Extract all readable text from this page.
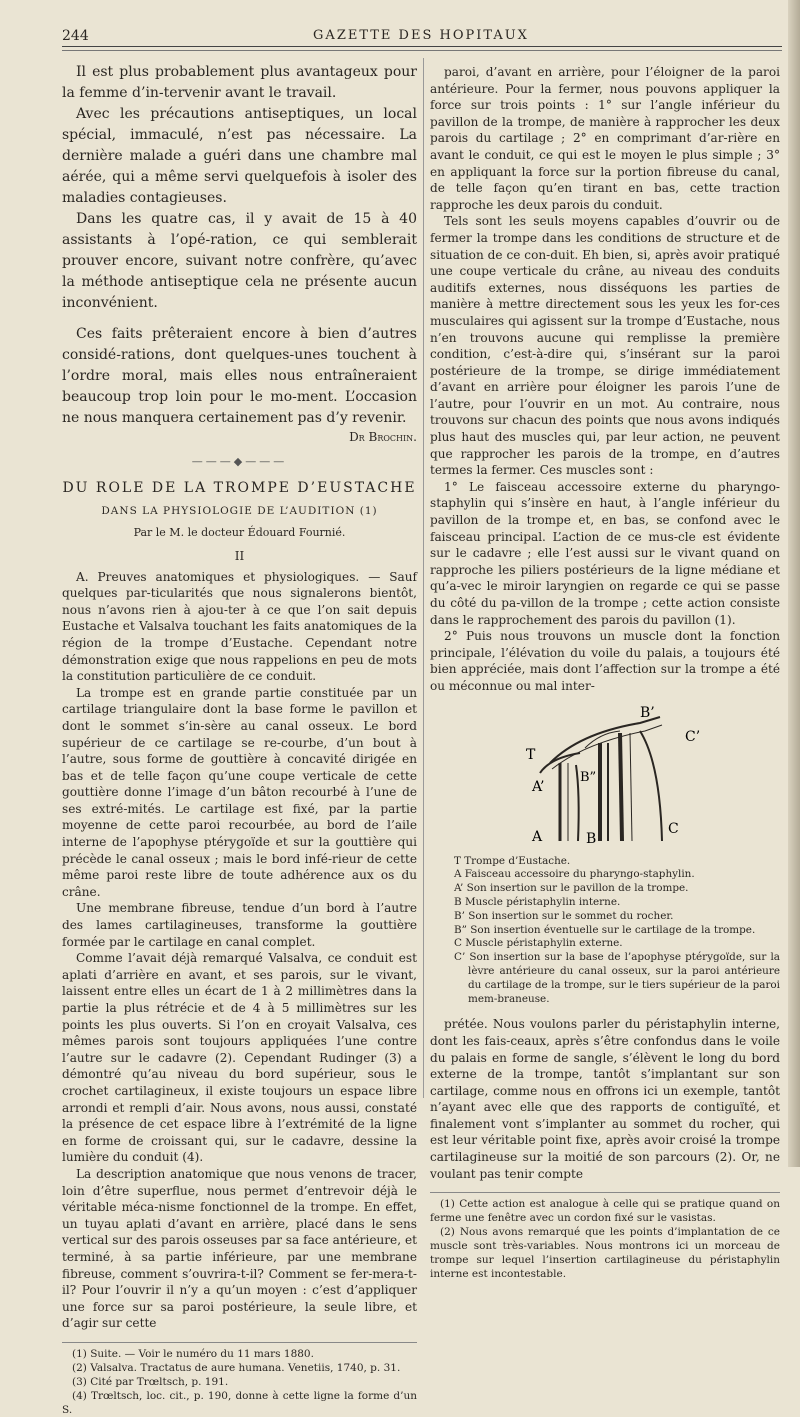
244	GAZETTE DES HOPITAUX

Il est plus probablement plus avantageux pour la femme d’in-tervenir avant le travail.

Avec les précautions antiseptiques, un local spécial, immaculé, n’est pas nécessaire. La dernière malade a guéri dans une chambre mal aérée, qui a même servi quelquefois à isoler des maladies contagieuses.

Dans les quatre cas, il y avait de 15 à 40 assistants à l’opé-ration, ce qui semblerait prouver encore, suivant notre confrère, qu’avec la méthode antiseptique cela ne présente aucun inconvénient.

Ces faits prêteraient encore à bien d’autres considé-rations, dont quelques-unes touchent à l’ordre moral, mais elles nous entraîneraient beaucoup trop loin pour le mo-ment. L’occasion ne nous manquera certainement pas d’y revenir.

Dr Brochin.
———◆———
DU ROLE DE LA TROMPE D’EUSTACHE
DANS LA PHYSIOLOGIE DE L’AUDITION (1)
Par le M. le docteur Édouard Fournié.
II

A. Preuves anatomiques et physiologiques. — Sauf quelques par-ticularités que nous signalerons bientôt, nous n’avons rien à ajou-ter à ce que l’on sait depuis Eustache et Valsalva touchant les faits anatomiques de la région de la trompe d’Eustache. Cependant notre démonstration exige que nous rappelions en peu de mots la constitution particulière de ce conduit.

La trompe est en grande partie constituée par un cartilage triangulaire dont la base forme le pavillon et dont le sommet s’in-sère au canal osseux. Le bord supérieur de ce cartilage se re-courbe, d’un bout à l’autre, sous forme de gouttière à concavité dirigée en bas et de telle façon qu’une coupe verticale de cette gouttière donne l’image d’un bâton recourbé à l’une de ses extré-mités. Le cartilage est fixé, par la partie moyenne de cette paroi recourbée, au bord de l’aile interne de l’apophyse ptérygoïde et sur la gouttière qui précède le canal osseux ; mais le bord infé-rieur de cette même paroi reste libre de toute adhérence aux os du crâne.

Une membrane fibreuse, tendue d’un bord à l’autre des lames cartilagineuses, transforme la gouttière formée par le cartilage en canal complet.

Comme l’avait déjà remarqué Valsalva, ce conduit est aplati d’arrière en avant, et ses parois, sur le vivant, laissent entre elles un écart de 1 à 2 millimètres dans la partie la plus rétrécie et de 4 à 5 millimètres sur les points les plus ouverts. Si l’on en croyait Valsalva, ces mêmes parois sont toujours appliquées l’une contre l’autre sur le cadavre (2). Cependant Rudinger (3) a démontré qu’au niveau du bord supérieur, sous le crochet cartilagineux, il existe toujours un espace libre arrondi et rempli d’air. Nous avons, nous aussi, constaté la présence de cet espace libre à l’extrémité de la ligne en forme de croissant qui, sur le cadavre, dessine la lumière du conduit (4).

La description anatomique que nous venons de tracer, loin d’être superflue, nous permet d’entrevoir déjà le véritable méca-nisme fonctionnel de la trompe. En effet, un tuyau aplati d’avant en arrière, placé dans le sens vertical sur des parois osseuses par sa face antérieure, et terminé, à sa partie inférieure, par une membrane fibreuse, comment s’ouvrira-t-il? Comment se fer-mera-t-il? Pour l’ouvrir il n’y a qu’un moyen : c’est d’appliquer une force sur sa paroi postérieure, la seule libre, et d’agir sur cette

(1) Suite. — Voir le numéro du 11 mars 1880.

(2) Valsalva. Tractatus de aure humana. Venetiis, 1740, p. 31.

(3) Cité par Trœltsch, p. 191.

(4) Trœltsch, loc. cit., p. 190, donne à cette ligne la forme d’un S.

paroi, d’avant en arrière, pour l’éloigner de la paroi antérieure. Pour la fermer, nous pouvons appliquer la force sur trois points : 1° sur l’angle inférieur du pavillon de la trompe, de manière à rapprocher les deux parois du cartilage ; 2° en comprimant d’ar-rière en avant le conduit, ce qui est le moyen le plus simple ; 3° en appliquant la force sur la portion fibreuse du canal, de telle façon qu’en tirant en bas, cette traction rapproche les deux parois du conduit.

Tels sont les seuls moyens capables d’ouvrir ou de fermer la trompe dans les conditions de structure et de situation de ce con-duit. Eh bien, si, après avoir pratiqué une coupe verticale du crâne, au niveau des conduits auditifs externes, nous disséquons les parties de manière à mettre directement sous les yeux les for-ces musculaires qui agissent sur la trompe d’Eustache, nous n’en trouvons aucune qui remplisse la première condition, c’est-à-dire qui, s’insérant sur la paroi postérieure de la trompe, se dirige immédiatement d’avant en arrière pour éloigner les parois l’une de l’autre, pour l’ouvrir en un mot. Au contraire, nous trouvons sur chacun des points que nous avons indiqués plus haut des muscles qui, par leur action, ne peuvent que rapprocher les parois de la trompe, en d’autres termes la fermer. Ces muscles sont :

1° Le faisceau accessoire externe du pharyngo-staphylin qui s’insère en haut, à l’angle inférieur du pavillon de la trompe et, en bas, se confond avec le faisceau principal. L’action de ce mus-cle est évidente sur le cadavre ; elle l’est aussi sur le vivant quand on rapproche les piliers postérieurs de la ligne médiane et qu’a-vec le miroir laryngien on regarde ce qui se passe du côté du pa-villon de la trompe ; cette action consiste dans le rapprochement des parois du pavillon (1).

2° Puis nous trouvons un muscle dont la fonction principale, l’élévation du voile du palais, a toujours été bien appréciée, mais dont l’affection sur la trompe a été ou méconnue ou mal inter-

B’
C’
T
B”
A’
A	B
C
T Trompe d’Eustache.
A Faisceau accessoire du pharyngo-staphylin.
A’ Son insertion sur le pavillon de la trompe.
B Muscle péristaphylin interne.
B’ Son insertion sur le sommet du rocher.
B” Son insertion éventuelle sur le cartilage de la trompe.
C Muscle péristaphylin externe.
C’ Son insertion sur la base de l’apophyse ptérygoïde, sur la lèvre antérieure du canal osseux, sur la paroi antérieure du cartilage de la trompe, sur le tiers supérieur de la paroi mem-braneuse.

prétée. Nous voulons parler du péristaphylin interne, dont les fais-ceaux, après s’être confondus dans le voile du palais en forme de sangle, s’élèvent le long du bord externe de la trompe, tantôt s’implantant sur son cartilage, comme nous en offrons ici un exemple, tantôt n’ayant avec elle que des rapports de contiguïté, et finalement vont s’implanter au sommet du rocher, qui est leur véritable point fixe, après avoir croisé la trompe cartilagineuse sur la moitié de son parcours (2). Or, ne voulant pas tenir compte

(1) Cette action est analogue à celle qui se pratique quand on ferme une fenêtre avec un cordon fixé sur le vasistas.

(2) Nous avons remarqué que les points d’implantation de ce muscle sont très-variables. Nous montrons ici un morceau de trompe sur lequel l’insertion cartilagineuse du péristaphylin interne est incontestable.
